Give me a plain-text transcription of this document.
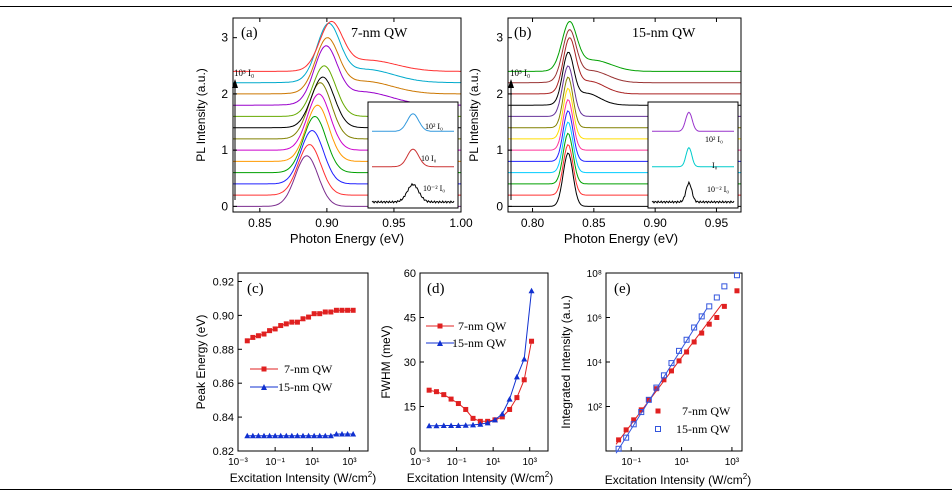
0.85	0.90	0.95	1.00
0
1
2
3 (a)	7-nm QW
10³ I₀
Photon Energy (eV)
10² I₀
10 I₀
10⁻² I₀
0.80	0.85	0.90	0.95
0
1
2
3 (b)	15-nm QW
10³ I₀
Photon Energy (eV)
10² I₀
I₀
10⁻² I₀
10⁻³ 10⁻¹ 10¹ 10³
0.82
0.84
0.86
0.88
0.90
0.92 (c)
7-nm QW
15-nm QW
Excitation Intensity $(W/cm^2)$
10⁻³ 10⁻¹ 10¹ 10³
0
15
30
45
60
(d)
7-nm QW
15-nm QW
Excitation Intensity $(W/cm^2)$
10⁻¹	10¹	10³
10²
10⁴
10⁶
10⁸
(e)
7-nm QW
15-nm QW
Excitation Intensity $(W/cm^2)$
PL Intensity (a.u.)	PL Intensity (a.u.)
Peak Energy (eV)	FWHM (meV)	Integrated Intensity (a.u.)
